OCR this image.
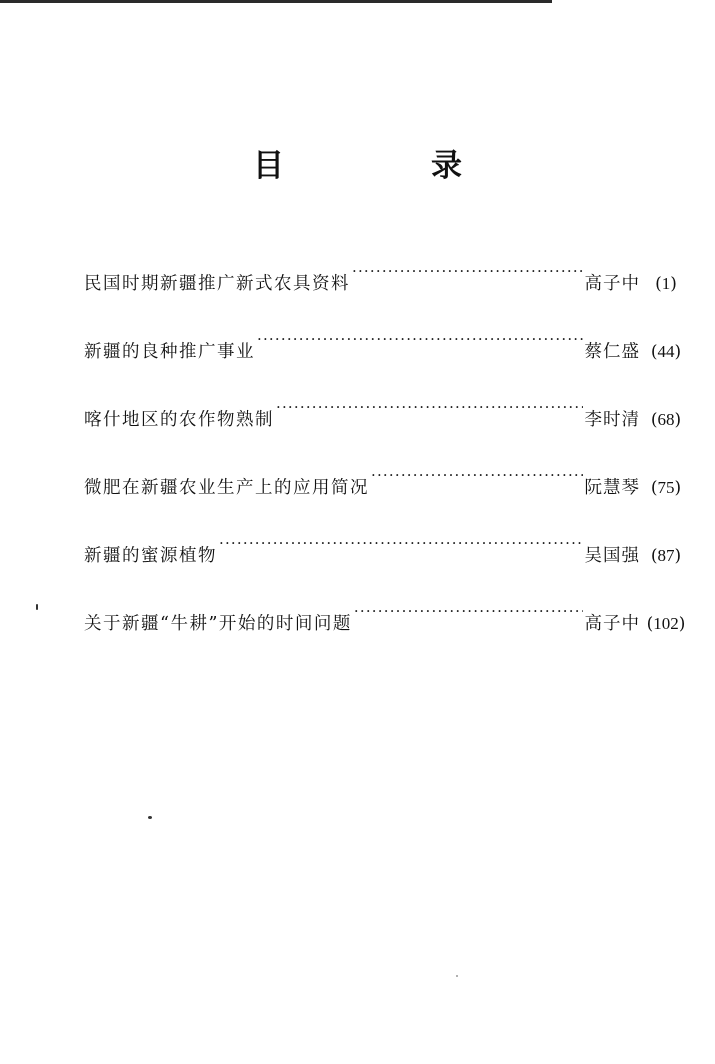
目　录
民国时期新疆推广新式农具资料 ·····	高子中 (1)
新疆的良种推广事业 ·····	蔡仁盛 (44)
喀什地区的农作物熟制 ·····	李时清 (68)
微肥在新疆农业生产上的应用简况 ·····	阮慧琴 (75)
新疆的蜜源植物 ·····	吴国强 (87)
关于新疆“牛耕”开始的时间问题 ·····	高子中 (102)
